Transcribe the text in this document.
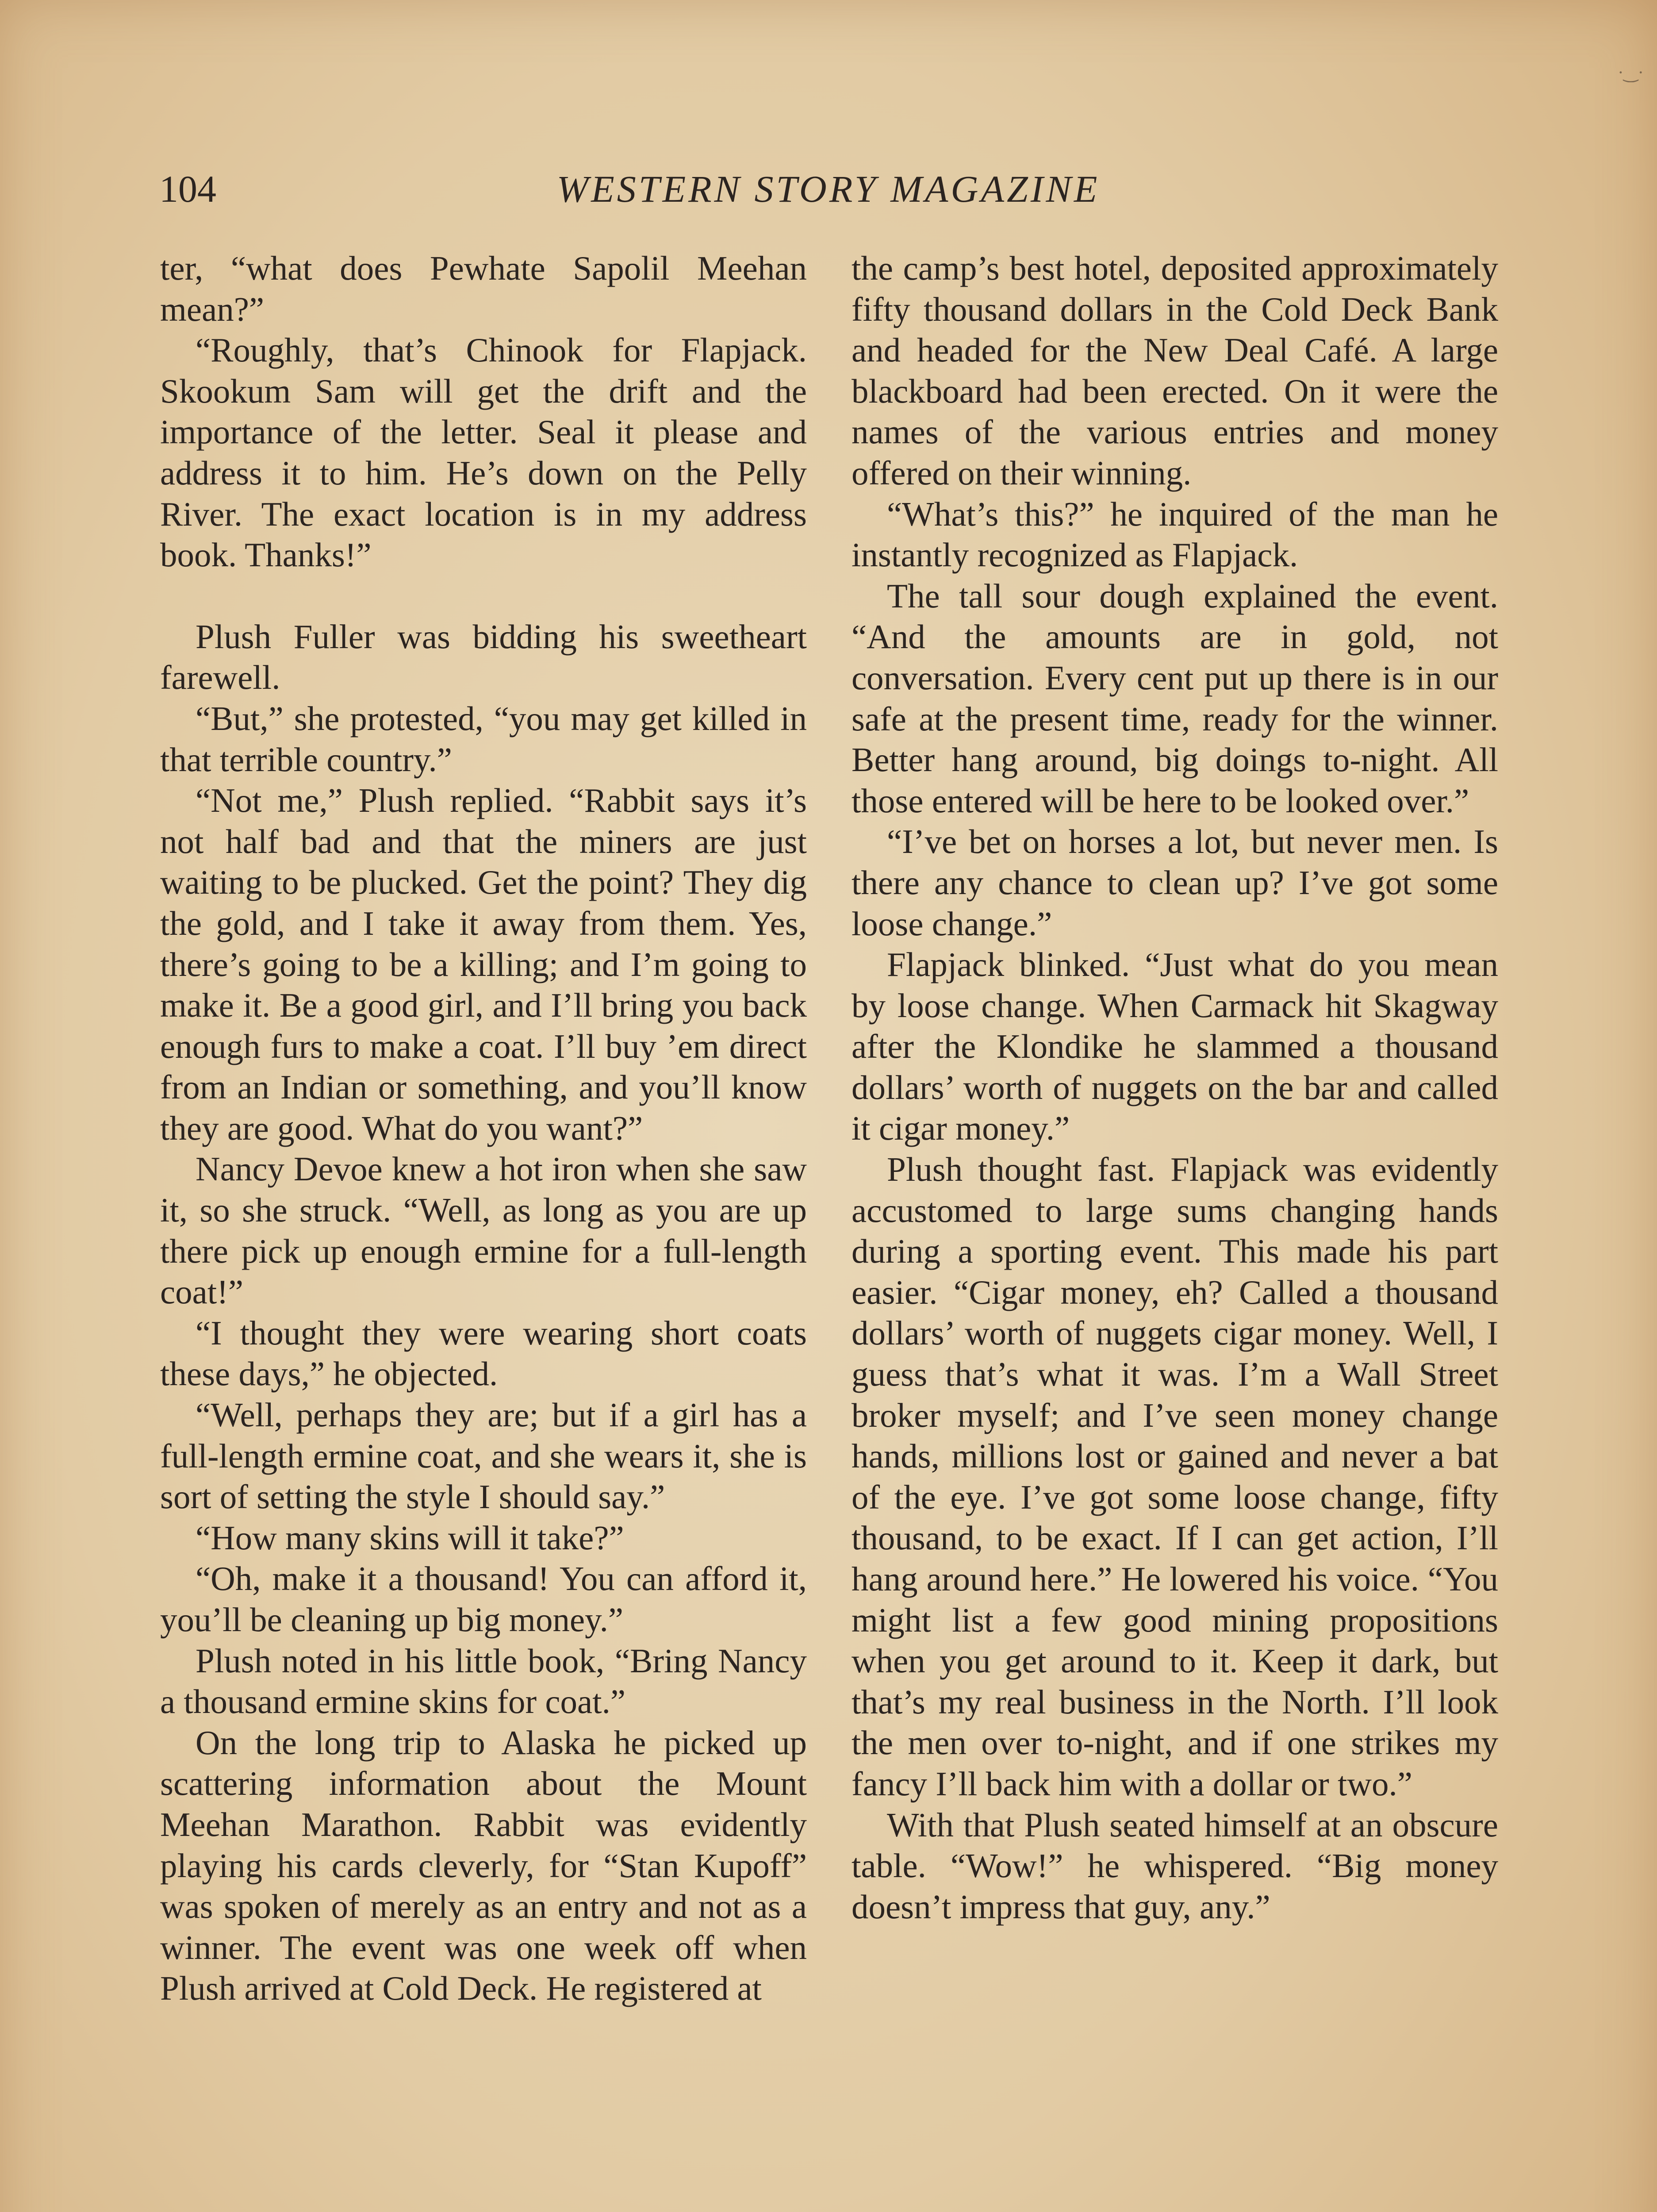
·‿·
104	WESTERN STORY MAGAZINE

ter, “what does Pewhate Sapolil Meehan mean?”

“Roughly, that’s Chinook for Flapjack. Skookum Sam will get the drift and the importance of the letter. Seal it please and address it to him. He’s down on the Pelly River. The exact location is in my address book. Thanks!”

Plush Fuller was bidding his sweetheart farewell.

“But,” she protested, “you may get killed in that terrible country.”

“Not me,” Plush replied. “Rabbit says it’s not half bad and that the miners are just waiting to be plucked. Get the point? They dig the gold, and I take it away from them. Yes, there’s going to be a killing; and I’m going to make it. Be a good girl, and I’ll bring you back enough furs to make a coat. I’ll buy ’em direct from an Indian or something, and you’ll know they are good. What do you want?”

Nancy Devoe knew a hot iron when she saw it, so she struck. “Well, as long as you are up there pick up enough ermine for a full-length coat!”

“I thought they were wearing short coats these days,” he objected.

“Well, perhaps they are; but if a girl has a full-length ermine coat, and she wears it, she is sort of setting the style I should say.”

“How many skins will it take?”

“Oh, make it a thousand! You can afford it, you’ll be cleaning up big money.”

Plush noted in his little book, “Bring Nancy a thousand ermine skins for coat.”

On the long trip to Alaska he picked up scattering information about the Mount Meehan Marathon. Rabbit was evidently playing his cards cleverly, for “Stan Kupoff” was spoken of merely as an entry and not as a winner. The event was one week off when Plush arrived at Cold Deck. He registered at

the camp’s best hotel, deposited approximately fifty thousand dollars in the Cold Deck Bank and headed for the New Deal Café. A large blackboard had been erected. On it were the names of the various entries and money offered on their winning.

“What’s this?” he inquired of the man he instantly recognized as Flapjack.

The tall sour dough explained the event. “And the amounts are in gold, not conversation. Every cent put up there is in our safe at the present time, ready for the winner. Better hang around, big doings to-night. All those entered will be here to be looked over.”

“I’ve bet on horses a lot, but never men. Is there any chance to clean up? I’ve got some loose change.”

Flapjack blinked. “Just what do you mean by loose change. When Carmack hit Skagway after the Klondike he slammed a thousand dollars’ worth of nuggets on the bar and called it cigar money.”

Plush thought fast. Flapjack was evidently accustomed to large sums changing hands during a sporting event. This made his part easier. “Cigar money, eh? Called a thousand dollars’ worth of nuggets cigar money. Well, I guess that’s what it was. I’m a Wall Street broker myself; and I’ve seen money change hands, millions lost or gained and never a bat of the eye. I’ve got some loose change, fifty thousand, to be exact. If I can get action, I’ll hang around here.” He lowered his voice. “You might list a few good mining propositions when you get around to it. Keep it dark, but that’s my real business in the North. I’ll look the men over to-night, and if one strikes my fancy I’ll back him with a dollar or two.”

With that Plush seated himself at an obscure table. “Wow!” he whispered. “Big money doesn’t impress that guy, any.”
